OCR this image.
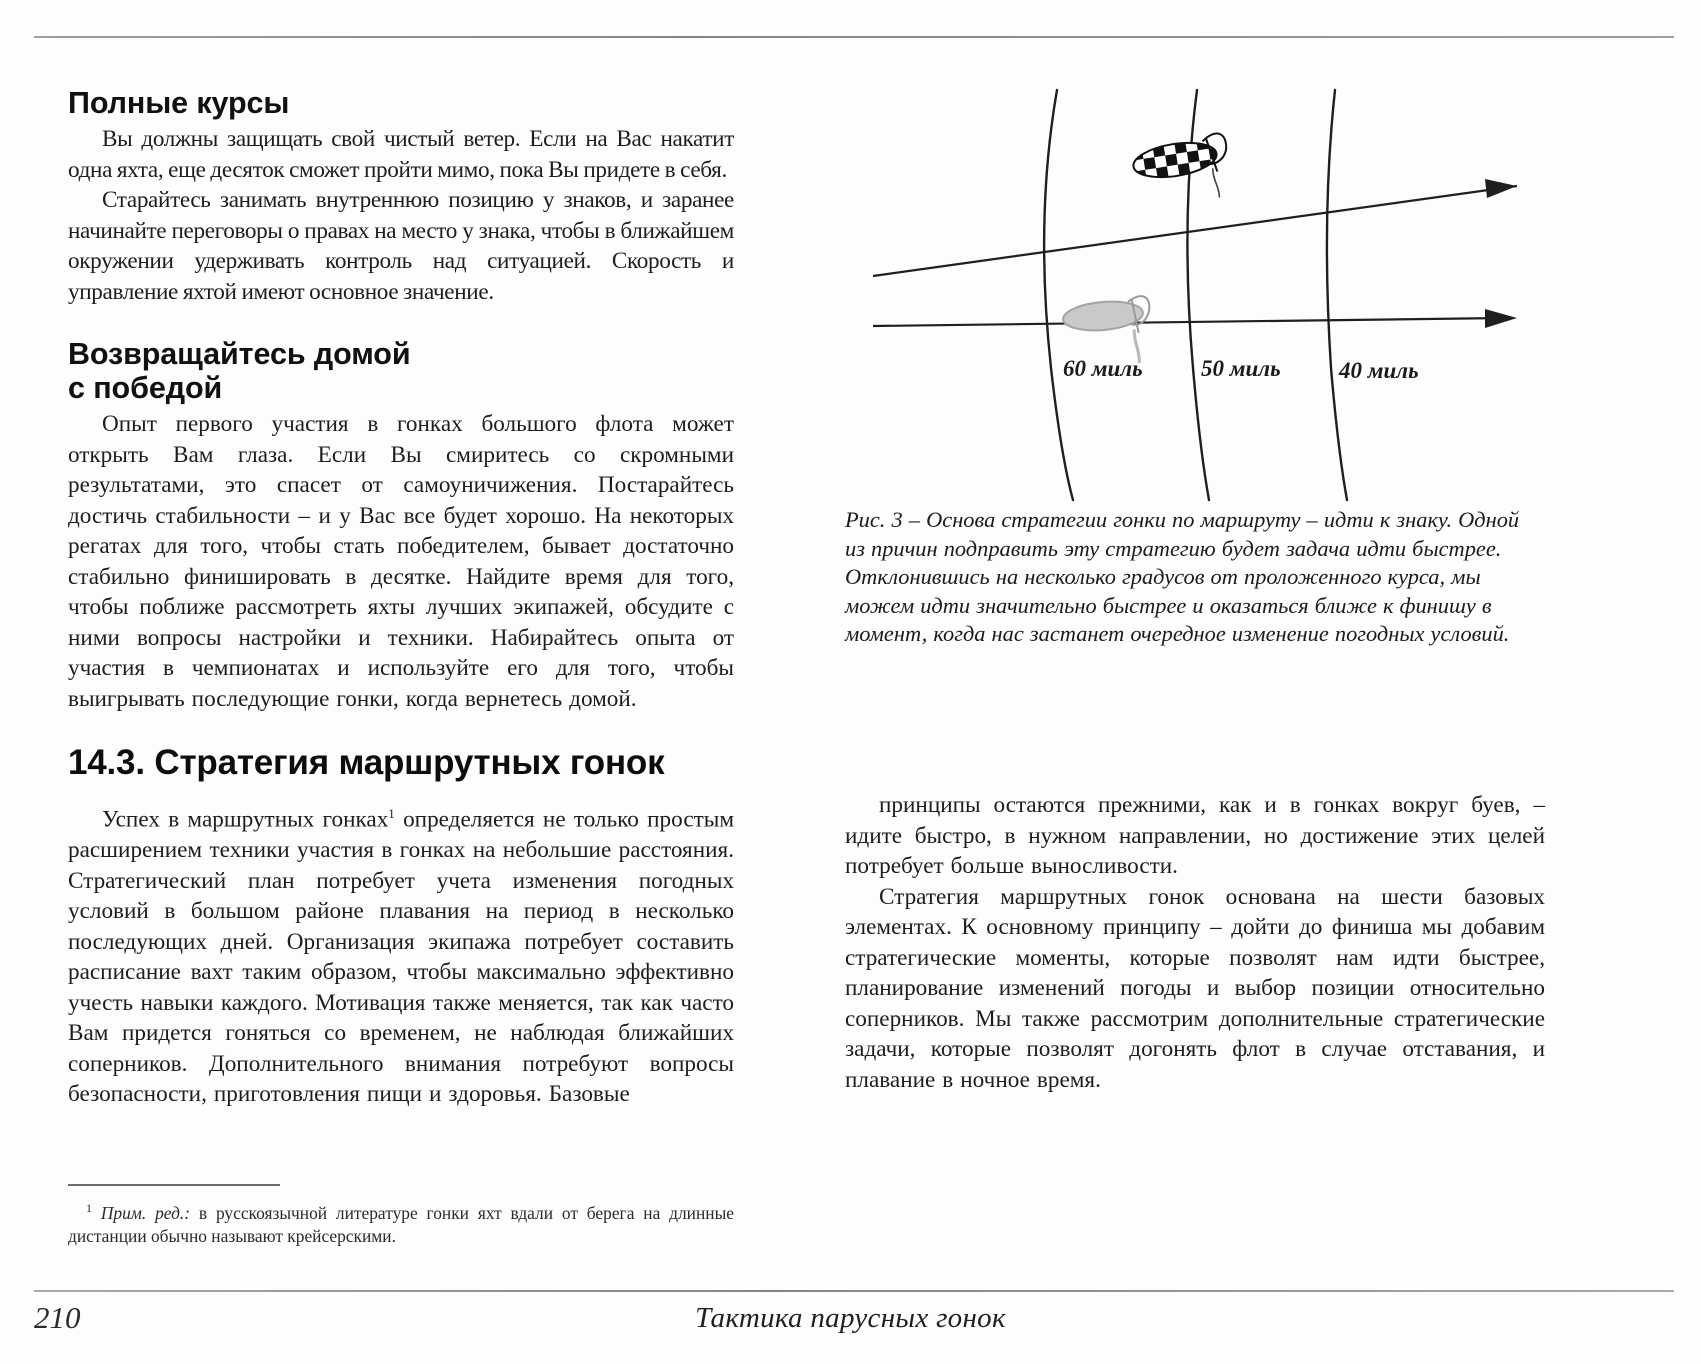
Полные курсы

Вы должны защищать свой чистый ветер. Если на Вас накатит одна яхта, еще десяток сможет пройти мимо, пока Вы придете в себя.

Старайтесь занимать внутреннюю позицию у знаков, и заранее начинайте переговоры о правах на место у знака, чтобы в ближайшем окружении удерживать контроль над ситуацией. Скорость и управление яхтой имеют основное значение.

Возвращайтесь домой
с победой

Опыт первого участия в гонках большого флота может открыть Вам глаза. Если Вы смиритесь со скромными результатами, это спасет от самоуничижения. Постарайтесь достичь стабильности – и у Вас все будет хорошо. На некоторых регатах для того, чтобы стать победителем, бывает достаточно стабильно финишировать в десятке. Найдите время для того, чтобы поближе рассмотреть яхты лучших экипажей, обсудите с ними вопросы настройки и техники. Набирайтесь опыта от участия в чемпионатах и используйте его для того, чтобы выигрывать последующие гонки, когда вернетесь домой.

14.3. Стратегия маршрутных гонок

Успех в маршрутных гонках$^1$ определяется не только простым расширением техники участия в гонках на небольшие расстояния. Стратегический план потребует учета изменения погодных условий в большом районе плавания на период в несколько последующих дней. Организация экипажа потребует составить расписание вахт таким образом, чтобы максимально эффективно учесть навыки каждого. Мотивация также меняется, так как часто Вам придется гоняться со временем, не наблюдая ближайших соперников. Дополнительного внимания потребуют вопросы безопасности, приготовления пищи и здоровья. Базовые

$^1$ Прим. ред.: в русскоязычной литературе гонки яхт вдали от берега на длинные дистанции обычно называют крейсерскими.

60 миль	50 миль	40 миль

Рис. 3 – Основа стратегии гонки по маршруту – идти к знаку. Одной из причин подправить эту стратегию будет задача идти быстрее. Отклонившись на несколько градусов от проложенного курса, мы можем идти значительно быстрее и оказаться ближе к финишу в момент, когда нас застанет очередное изменение погодных условий.

принципы остаются прежними, как и в гонках вокруг буев, – идите быстро, в нужном направлении, но достижение этих целей потребует больше выносливости.

Стратегия маршрутных гонок основана на шести базовых элементах. К основному принципу – дойти до финиша мы добавим стратегические моменты, которые позволят нам идти быстрее, планирование изменений погоды и выбор позиции относительно соперников. Мы также рассмотрим дополнительные стратегические задачи, которые позволят догонять флот в случае отставания, и плавание в ночное время.

210	Тактика парусных гонок
